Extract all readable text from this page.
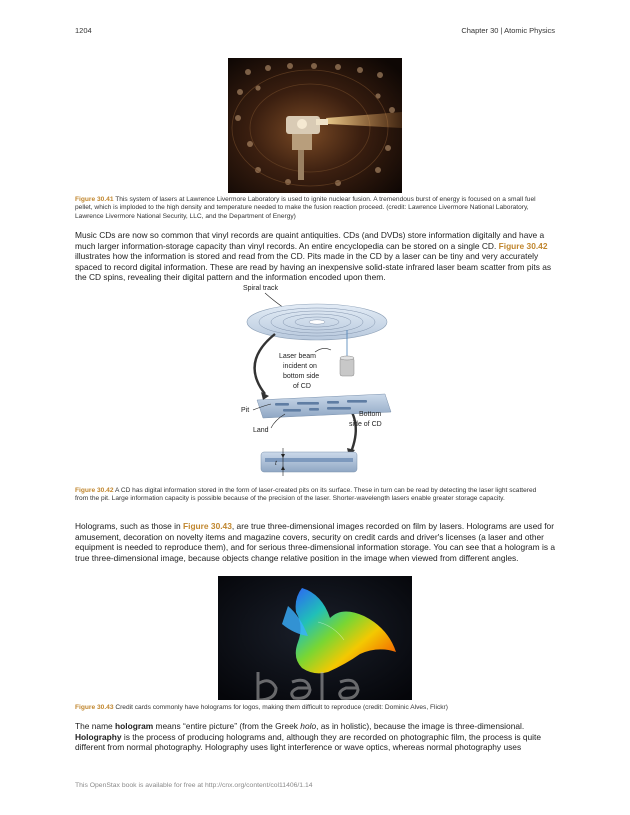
1204	Chapter 30 | Atomic Physics
Figure 30.41 This system of lasers at Lawrence Livermore Laboratory is used to ignite nuclear fusion. A tremendous burst of energy is focused on a small fuel pellet, which is imploded to the high density and temperature needed to make the fusion reaction proceed. (credit: Lawrence Livermore National Laboratory, Lawrence Livermore National Security, LLC, and the Department of Energy)
Music CDs are now so common that vinyl records are quaint antiquities. CDs (and DVDs) store information digitally and have a much larger information-storage capacity than vinyl records. An entire encyclopedia can be stored on a single CD. Figure 30.42 illustrates how the information is stored and read from the CD. Pits made in the CD by a laser can be tiny and very accurately spaced to record digital information. These are read by having an inexpensive solid-state infrared laser beam scatter from pits as the CD spins, revealing their digital pattern and the information encoded upon them.
Spiral track
Laser beam
incident on
bottom side
of CD
Pit
Land
Bottom
side of CD
t
Figure 30.42 A CD has digital information stored in the form of laser-created pits on its surface. These in turn can be read by detecting the laser light scattered from the pit. Large information capacity is possible because of the precision of the laser. Shorter-wavelength lasers enable greater storage capacity.
Holograms, such as those in Figure 30.43, are true three-dimensional images recorded on film by lasers. Holograms are used for amusement, decoration on novelty items and magazine covers, security on credit cards and driver's licenses (a laser and other equipment is needed to reproduce them), and for serious three-dimensional information storage. You can see that a hologram is a true three-dimensional image, because objects change relative position in the image when viewed from different angles.
Figure 30.43 Credit cards commonly have holograms for logos, making them difficult to reproduce (credit: Dominic Alves, Flickr)
The name hologram means “entire picture” (from the Greek holo, as in holistic), because the image is three-dimensional. Holography is the process of producing holograms and, although they are recorded on photographic film, the process is quite different from normal photography. Holography uses light interference or wave optics, whereas normal photography uses
This OpenStax book is available for free at http://cnx.org/content/col11406/1.14
